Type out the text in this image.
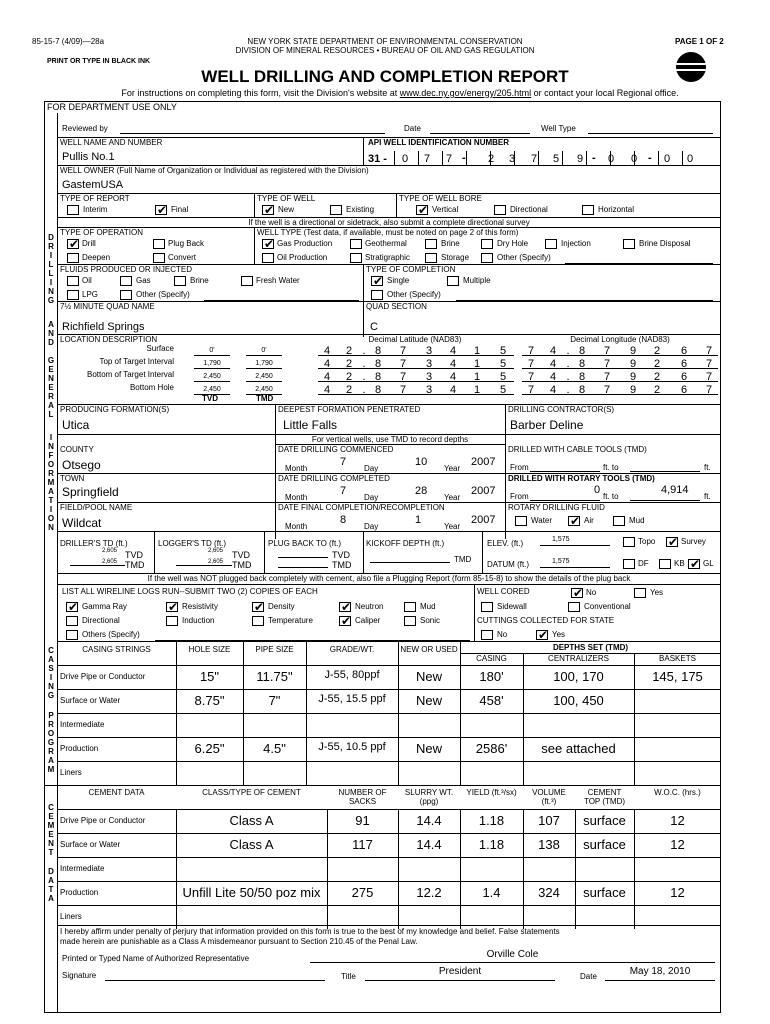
85-15-7 (4/09)—28a	NEW YORK STATE DEPARTMENT OF ENVIRONMENTAL CONSERVATION
DIVISION OF MINERAL RESOURCES • BUREAU OF OIL AND GAS REGULATION
PAGE 1 OF 2
PRINT OR TYPE IN BLACK INK
WELL DRILLING AND COMPLETION REPORT
For instructions on completing this form, visit the Division's website at www.dec.ny.gov/energy/205.html or contact your local Regional office.
FOR DEPARTMENT USE ONLY
Reviewed by	Date	Well Type
WELL NAME AND NUMBER	API WELL IDENTIFICATION NUMBER
Pullis No.1	31 -
WELL OWNER (Full Name of Organization or Individual as registered with the Division)
GastemUSA
TYPE OF REPORT	TYPE OF WELL	TYPE OF WELL BORE
If the well is a directional or sidetrack, also submit a complete directional survey
TYPE OF OPERATION	WELL TYPE (Test data, if available, must be noted on page 2 of this form)
FLUIDS PRODUCED OR INJECTED	TYPE OF COMPLETION
7½ MINUTE QUAD NAME	QUAD SECTION
Richfield Springs	C
LOCATION DESCRIPTION	Decimal Latitude (NAD83)	Decimal Longitude (NAD83)
TVD	TMD
PRODUCING FORMATION(S)	DEEPEST FORMATION PENETRATED	DRILLING CONTRACTOR(S)
Utica	Little Falls	Barber Deline
For vertical wells, use TMD to record depths
COUNTY
Otsego
TOWN
Springfield
FIELD/POOL NAME
Wildcat
DATE DRILLING COMMENCED
DATE DRILLING COMPLETED
DATE FINAL COMPLETION/RECOMPLETION
DRILLED WITH CABLE TOOLS (TMD)
From	ft. to	ft.
DRILLED WITH ROTARY TOOLS (TMD)
From
0
ft. to
4,914
ft.
ROTARY DRILLING FLUID
DRILLER'S TD (ft.)	LOGGER'S TD (ft.)	PLUG BACK TO (ft.)	KICKOFF DEPTH (ft.)
2,605 TVD
2,605 TMD
2,605 TVD
2,605 TMD
TVD
TMD
TMD
ELEV. (ft.)	1,575
DATUM (ft.)	1,575
If the well was NOT plugged back completely with cement, also file a Plugging Report (form 85-15-8) to show the details of the plug back
LIST ALL WIRELINE LOGS RUN--SUBMIT TWO (2) COPIES OF EACH	WELL CORED
CUTTINGS COLLECTED FOR STATE
I hereby affirm under penalty of perjury that information provided on this form is true to the best of my knowledge and belief. False statements
made herein are punishable as a Class A misdemeanor pursuant to Section 210.45 of the Penal Law.
Printed or Typed Name of Authorized Representative	Orville Cole
Signature	Title	President	Date	May 18, 2010
0	7	7	2	3	7	5	9	0	0	0	0
-	-	-
Interim	✔ Final	✔ New	Existing	✔ Vertical	Directional	Horizontal
✔ Drill	Plug Back
Deepen	Convert
✔ Gas Production	Geothermal	Brine	Dry Hole	Injection	Brine Disposal
Oil Production	Stratigraphic	Storage	Other (Specify)
Oil	Gas	Brine	Fresh Water
LPG	Other (Specify)
✔ Single	Multiple
Other (Specify)
Surface	0'	0'	4	2 . 8	7	3	4	1	5	7	4 . 8	7	9	2	6	7
Top of Target Interval	1,790	1,790	4	2 . 8	7	3	4	1	5	7	4 . 8	7	9	2	6	7
Bottom of Target Interval	2,450	2,450	4	2 . 8	7	3	4	1	5	7	4 . 8	7	9	2	6	7
Bottom Hole	2,450	2,450	4	2 . 8	7	3	4	1	5	7	4 . 8	7	9	2	6	7
Month
7
Day
10
Year
2007
Month
7
Day
28
Year
2007
Month
8
Day
1
Year
2007	Water ✔ Air	Mud
Topo ✔ Survey
DF	KB ✔ GL
✔ Gamma Ray	✔ Resistivity	✔ Density	✔ Neutron	Mud
Directional	Induction	Temperature ✔ Caliper	Sonic
Others (Specify)
✔ No	Yes
Sidewall	Conventional
No	✔ Yes
D
R
I
L
L
I
N
G
A
N
D
G
E
N
E
R
A
L
I
N
F
O
R
M
A
T
I
O
N
C
A
S
I
N
G
P
R
O
G
R
A
M
C
E
M
E
N
T
D
A
T
A
CASING STRINGS	HOLE SIZE	PIPE SIZE	GRADE/WT.	NEW OR USED	DEPTHS SET (TMD)
CASING	CENTRALIZERS	BASKETS
Drive Pipe or Conductor	15"	11.75"	J-55, 80ppf	New	180'	100, 170	145, 175
Surface or Water	8.75"	7"	J-55, 15.5 ppf	New	458'	100, 450
Intermediate
Production	6.25"	4.5"	J-55, 10.5 ppf	New	2586'	see attached
Liners
CEMENT DATA	CLASS/TYPE OF CEMENT	NUMBER OF SACKS
SLURRY WT. (ppg)
YIELD (ft.³/sx)	VOLUME (ft.³)
CEMENT TOP (TMD)
W.O.C. (hrs.)
Drive Pipe or Conductor	Class A	91	14.4	1.18	107	surface	12
Surface or Water	Class A	117	14.4	1.18	138	surface	12
Intermediate
Production	Unfill Lite 50/50 poz mix	275	12.2	1.4	324	surface	12
Liners
